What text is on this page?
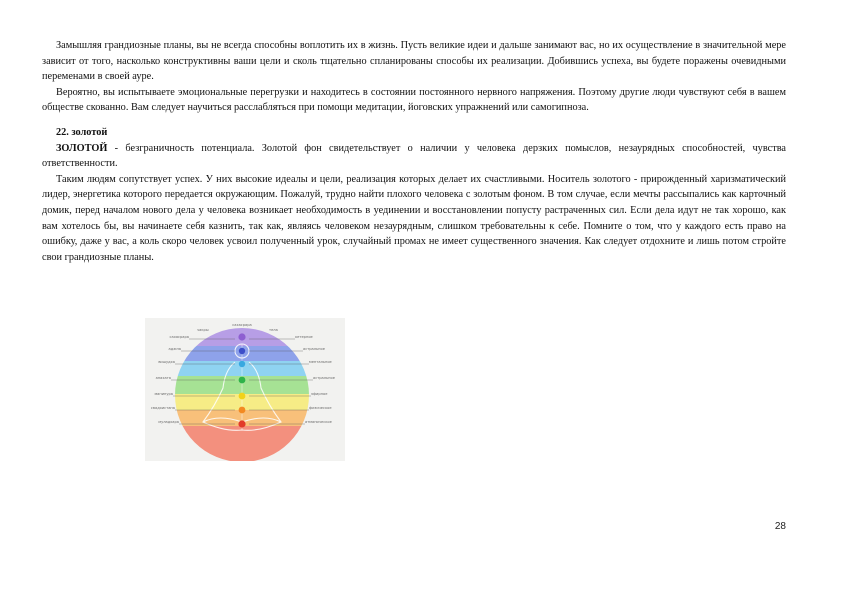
Замышляя грандиозные планы, вы не всегда способны воплотить их в жизнь. Пусть великие идеи и дальше занимают вас, но их осуществление в значительной мере зависит от того, насколько конструктивны ваши цели и сколь тщательно спланированы способы их реализации. Добившись успеха, вы будете поражены очевидными переменами в своей ауре.

Вероятно, вы испытываете эмоциональные перегрузки и находитесь в состоянии постоянного нервного напряжения. Поэтому другие люди чувствуют себя в вашем обществе скованно. Вам следует научиться расслабляться при помощи медитации, йоговских упражнений или самогипноза.

22. золотой

ЗОЛОТОЙ - безграничность потенциала. Золотой фон свидетельствует о наличии у человека дерзких помыслов, незаурядных способностей, чувства ответственности.

Таким людям сопутствует успех. У них высокие идеалы и цели, реализация которых делает их счастливыми. Носитель золотого - прирожденный харизматический лидер, энергетика которого передается окружающим. Пожалуй, трудно найти плохого человека с золотым фоном. В том случае, если мечты рассыпались как карточный домик, перед началом нового дела у человека возникает необходимость в уединении и восстановлении попусту растраченных сил. Если дела идут не так хорошо, как вам хотелось бы, вы начинаете себя казнить, так как, являясь человеком незаурядным, слишком требовательны к себе. Помните о том, что у каждого есть право на ошибку, даже у вас, а коль скоро человек усвоил полученный урок, случайный промах не имеет существенного значения. Как следует отдохните и лишь потом стройте свои грандиозные планы.

сахасрара
чакры	тела
сахасрара
аджна
вишудха
анахата
манипура
свадхистана
муладхара
кетерное
астральное
ментальное
астральное
эфирное
физическое
атманическое
28
